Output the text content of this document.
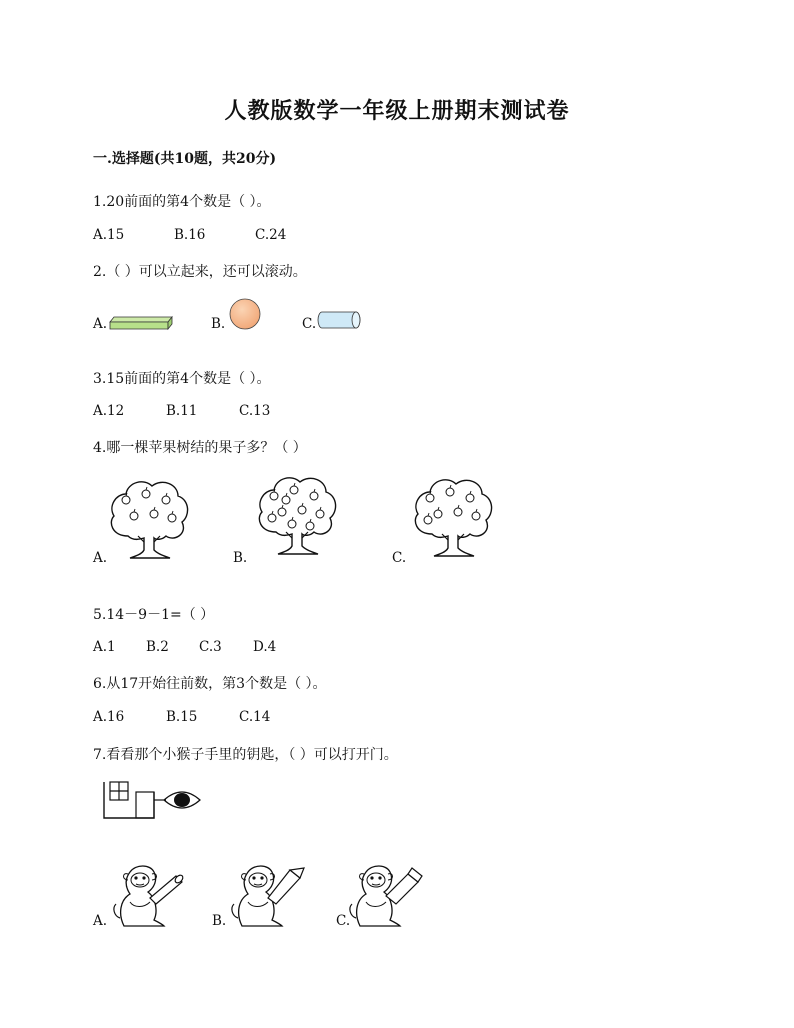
人教版数学一年级上册期末测试卷
一.选择题(共10题，共20分)
1.20前面的第4个数是（ ）。
A.15	B.16	C.24
2.（ ）可以立起来，还可以滚动。
A.	B.	C.
3.15前面的第4个数是（ ）。
A.12	B.11	C.13
4.哪一棵苹果树结的果子多？（ ）
A.	B.	C.
5.14－9－1=（ ）
A.1 B.2 C.3 D.4
6.从17开始往前数，第3个数是（ ）。
A.16	B.15	C.14
7.看看那个小猴子手里的钥匙，（ ）可以打开门。
A.	B.	C.
